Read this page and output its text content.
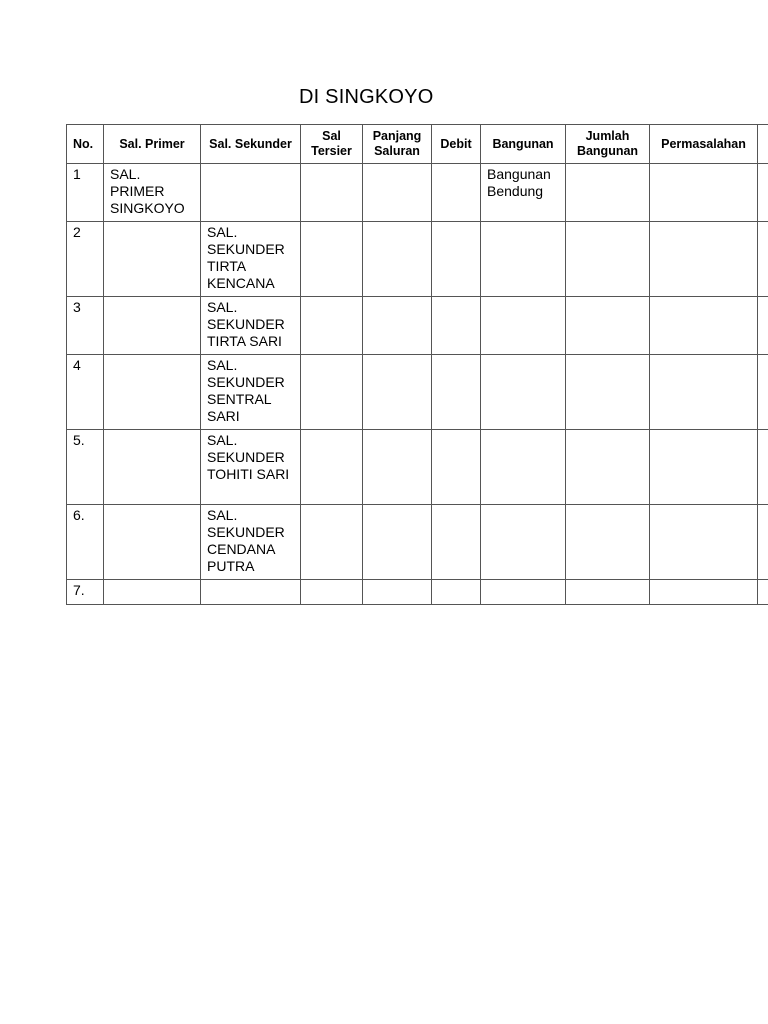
DI SINGKOYO
No.	Sal. Primer	Sal. Sekunder	Sal Tersier	Panjang Saluran	Debit	Bangunan	Jumlah Bangunan	Permasalahan	

1	SAL. PRIMER SINGKOYO					Bangunan Bendung			

2		SAL. SEKUNDER TIRTA KENCANA							

3		SAL. SEKUNDER TIRTA SARI							

4		SAL. SEKUNDER SENTRAL SARI							

5.		SAL. SEKUNDER TOHITI SARI							

6.		SAL. SEKUNDER CENDANA PUTRA							

7.									
